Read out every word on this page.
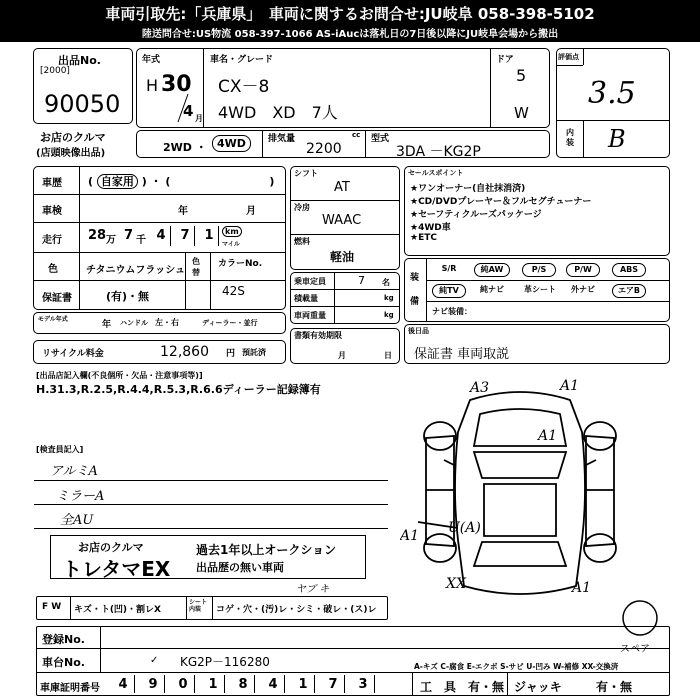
車両引取先:「兵庫県」　車両に関するお問合せ:JU岐阜 058-398-5102
陸送問合せ:US物流 058-397-1066 AS-iAucは落札日の7日後以降にJU岐阜会場から搬出
出品No.
[2000]
90050
お店のクルマ
(店頭映像出品)
年式
H 30
4 月
車名・グレード
CX－8
4WD　XD　7人
ドア
5
W
評価点
3.5
内装 B
2WD ・ 4WD	排気量	cc
2200
型式
3DA －KG2P
車歴 ( 自家用 ) ・ (　　　　　　　　　)
車検	年	月
走行 28 万 7 千 4 7 1	km
マイル
色	チタニウムフラッシュ
色替
カラーNo.
42S
保証書	(有)・無
モデル年式
年 ハンドル 左・右	ディーラー・並行
リサイクル料金	12,860 円 預託済
シフト
AT
冷房
WAAC
燃料
軽油
乗車定員	7 名
積載量	kg
車両重量	kg
書類有効期限
月	日
セールスポイント
★ワンオーナー(自社抹消済)
★CD/DVDプレーヤー＆フルセグチューナー
★セーフティクルーズパッケージ
★4WD車
★ETC
装備
S/R	純AW	P/S	P/W	ABS
純TV	純ナビ	革シート	外ナビ	エアB
ナビ装備：
後日品
保証書 車両取説
[出品店記入欄(不良個所・欠品・注意事項等)]
H.31.3,R.2.5,R.4.4,R.5.3,R.6.6ディーラー記録簿有
[検査員記入]
アルミA
ミラーA
全AU
お店のクルマ
トレタマEX
過去1年以上オークション
出品歴の無い車両
F W キズ・ト(凹)・割レX
シート内装	コゲ・穴・(汚)レ・シミ・破レ・(ス)レ
ヤブ キ
登録No.
車台No.	✓ KG2P－116280	A-キズ C-腐食 E-エクボ S-サビ U-凹み W-補修 XX-交換済
車庫証明番号 4 9 0 1 8 4 1 7 3	工　具 有・無 ジャッキ	有・無
A3	A1
A1
A1 U(A)
XX	A1
スペア
